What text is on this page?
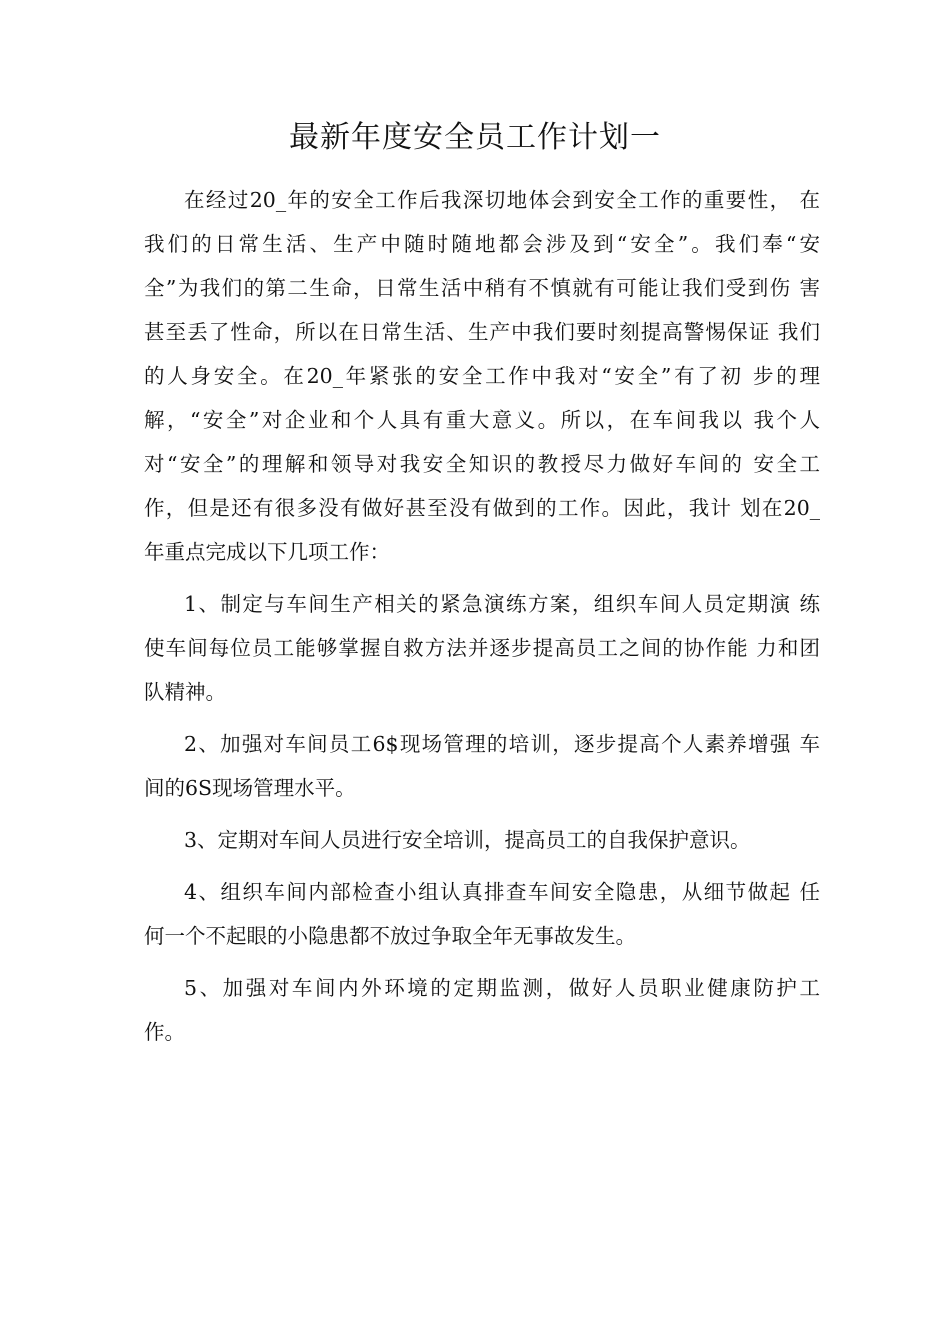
最新年度安全员工作计划一
在经过20_年的安全工作后我深切地体会到安全工作的重要性， 在
我们的日常生活、生产中随时随地都会涉及到“安全”。我们奉“安
全”为我们的第二生命，日常生活中稍有不慎就有可能让我们受到伤 害
甚至丢了性命，所以在日常生活、生产中我们要时刻提高警惕保证 我们
的人身安全。在20_年紧张的安全工作中我对“安全”有了初 步的理
解，“安全”对企业和个人具有重大意义。所以，在车间我以 我个人
对“安全”的理解和领导对我安全知识的教授尽力做好车间的 安全工
作，但是还有很多没有做好甚至没有做到的工作。因此，我计 划在20_
年重点完成以下几项工作：
1、制定与车间生产相关的紧急演练方案，组织车间人员定期演 练
使车间每位员工能够掌握自救方法并逐步提高员工之间的协作能 力和团
队精神。
2、加强对车间员工6$现场管理的培训，逐步提高个人素养增强 车
间的6S现场管理水平。
3、定期对车间人员进行安全培训，提高员工的自我保护意识。
4、组织车间内部检查小组认真排查车间安全隐患，从细节做起 任
何一个不起眼的小隐患都不放过争取全年无事故发生。
5、加强对车间内外环境的定期监测，做好人员职业健康防护工
作。
